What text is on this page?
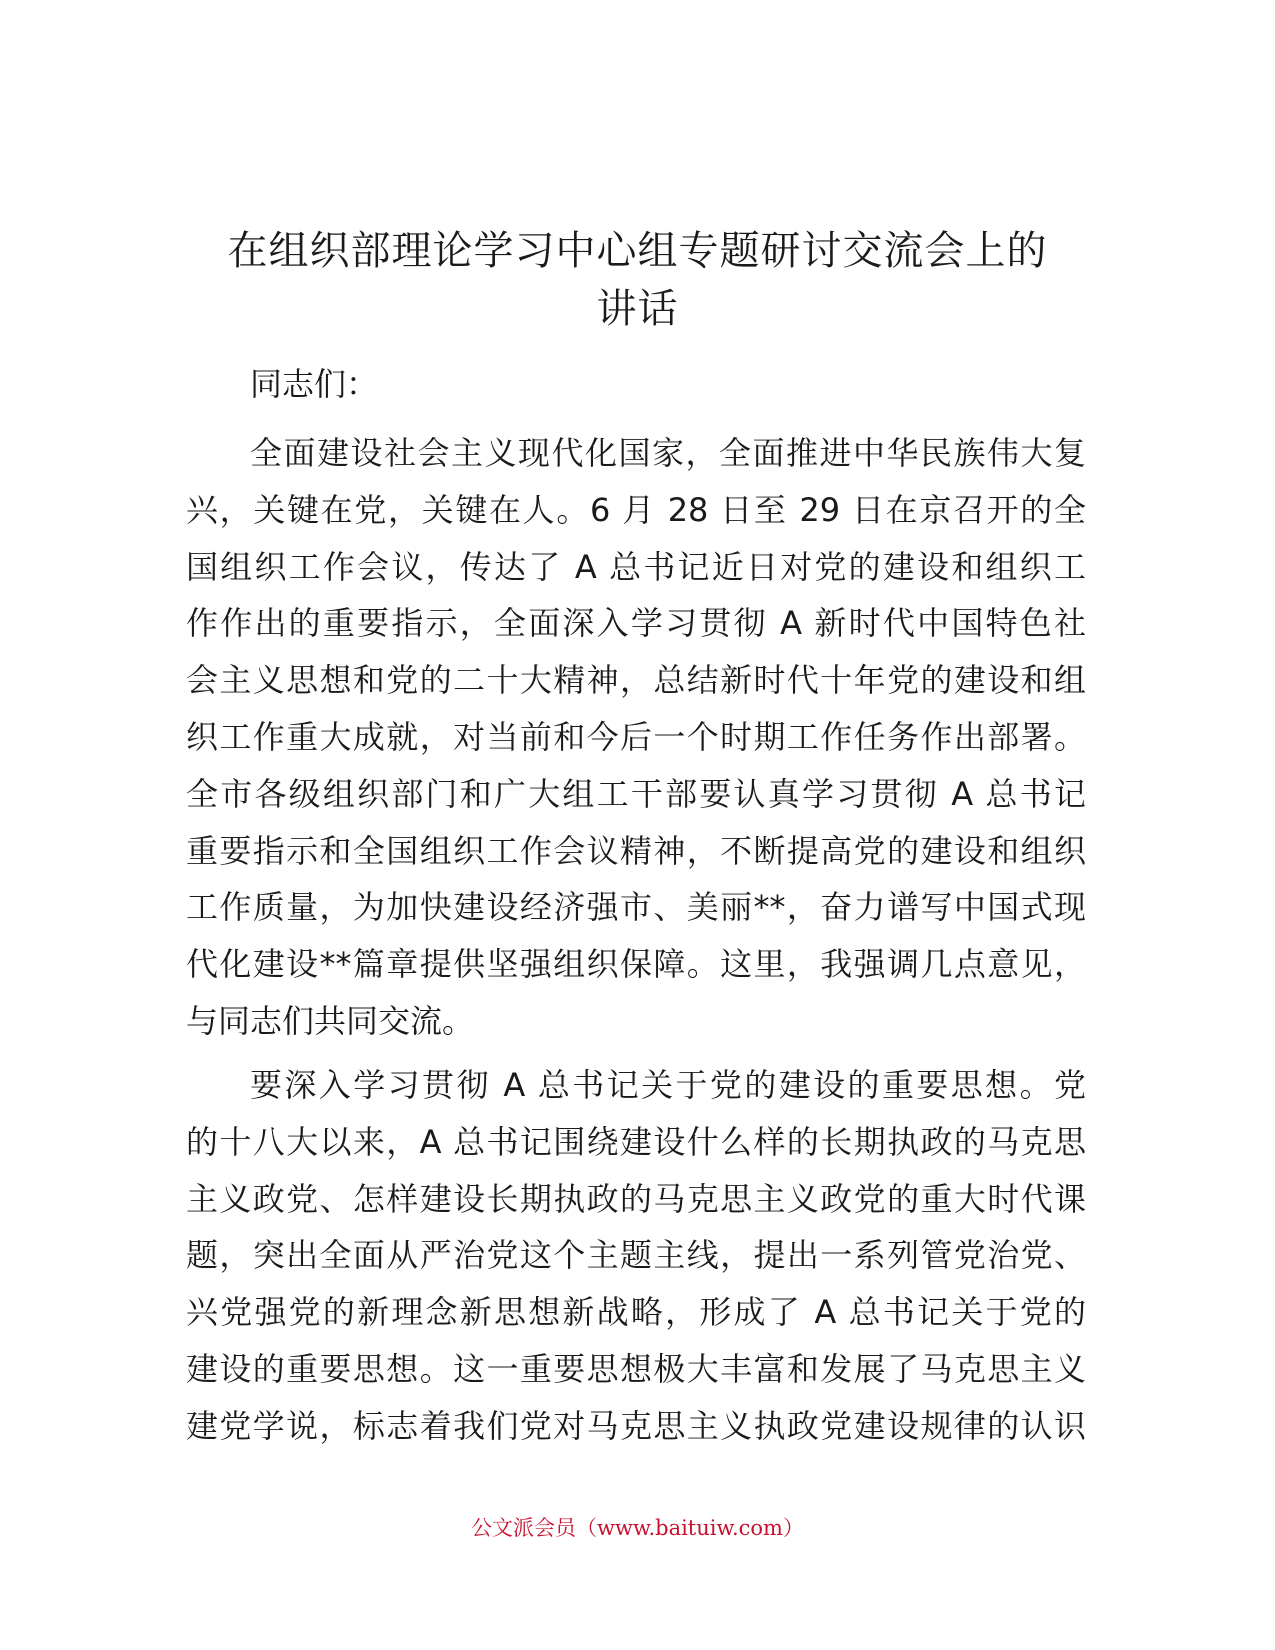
在组织部理论学习中心组专题研讨交流会上的
讲话
同志们：
全面建设社会主义现代化国家，全面推进中华民族伟大复
兴，关键在党，关键在人。6 月 28 日至 29 日在京召开的全
国组织工作会议，传达了 A 总书记近日对党的建设和组织工
作作出的重要指示，全面深入学习贯彻 A 新时代中国特色社
会主义思想和党的二十大精神，总结新时代十年党的建设和组
织工作重大成就，对当前和今后一个时期工作任务作出部署。
全市各级组织部门和广大组工干部要认真学习贯彻 A 总书记
重要指示和全国组织工作会议精神，不断提高党的建设和组织
工作质量，为加快建设经济强市、美丽**，奋力谱写中国式现
代化建设**篇章提供坚强组织保障。这里，我强调几点意见，
与同志们共同交流。
要深入学习贯彻 A 总书记关于党的建设的重要思想。党
的十八大以来，A 总书记围绕建设什么样的长期执政的马克思
主义政党、怎样建设长期执政的马克思主义政党的重大时代课
题，突出全面从严治党这个主题主线，提出一系列管党治党、
兴党强党的新理念新思想新战略，形成了 A 总书记关于党的
建设的重要思想。这一重要思想极大丰富和发展了马克思主义
建党学说，标志着我们党对马克思主义执政党建设规律的认识
公文派会员（www.baituiw.com）
